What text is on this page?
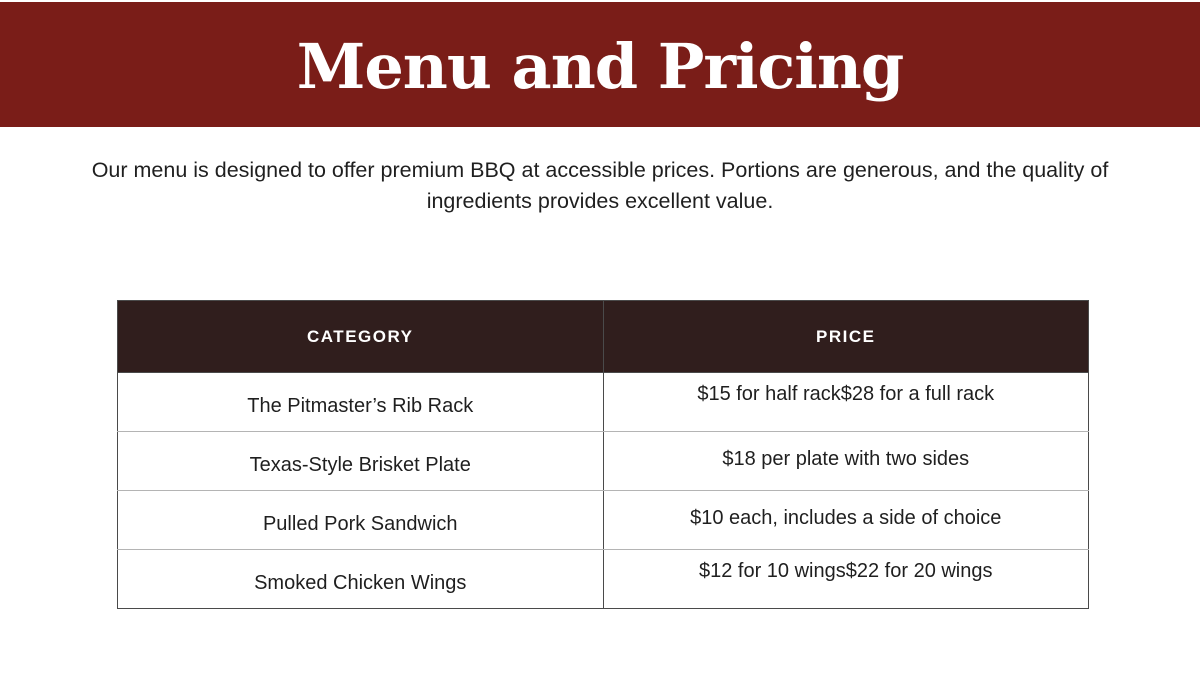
Menu and Pricing

Our menu is designed to offer premium BBQ at accessible prices. Portions are generous, and the quality of ingredients provides excellent value.

CATEGORY	PRICE
The Pitmaster’s Rib Rack	$15 for half rack$28 for a full rack
Texas-Style Brisket Plate	$18 per plate with two sides
Pulled Pork Sandwich	$10 each, includes a side of choice
Smoked Chicken Wings	$12 for 10 wings$22 for 20 wings
